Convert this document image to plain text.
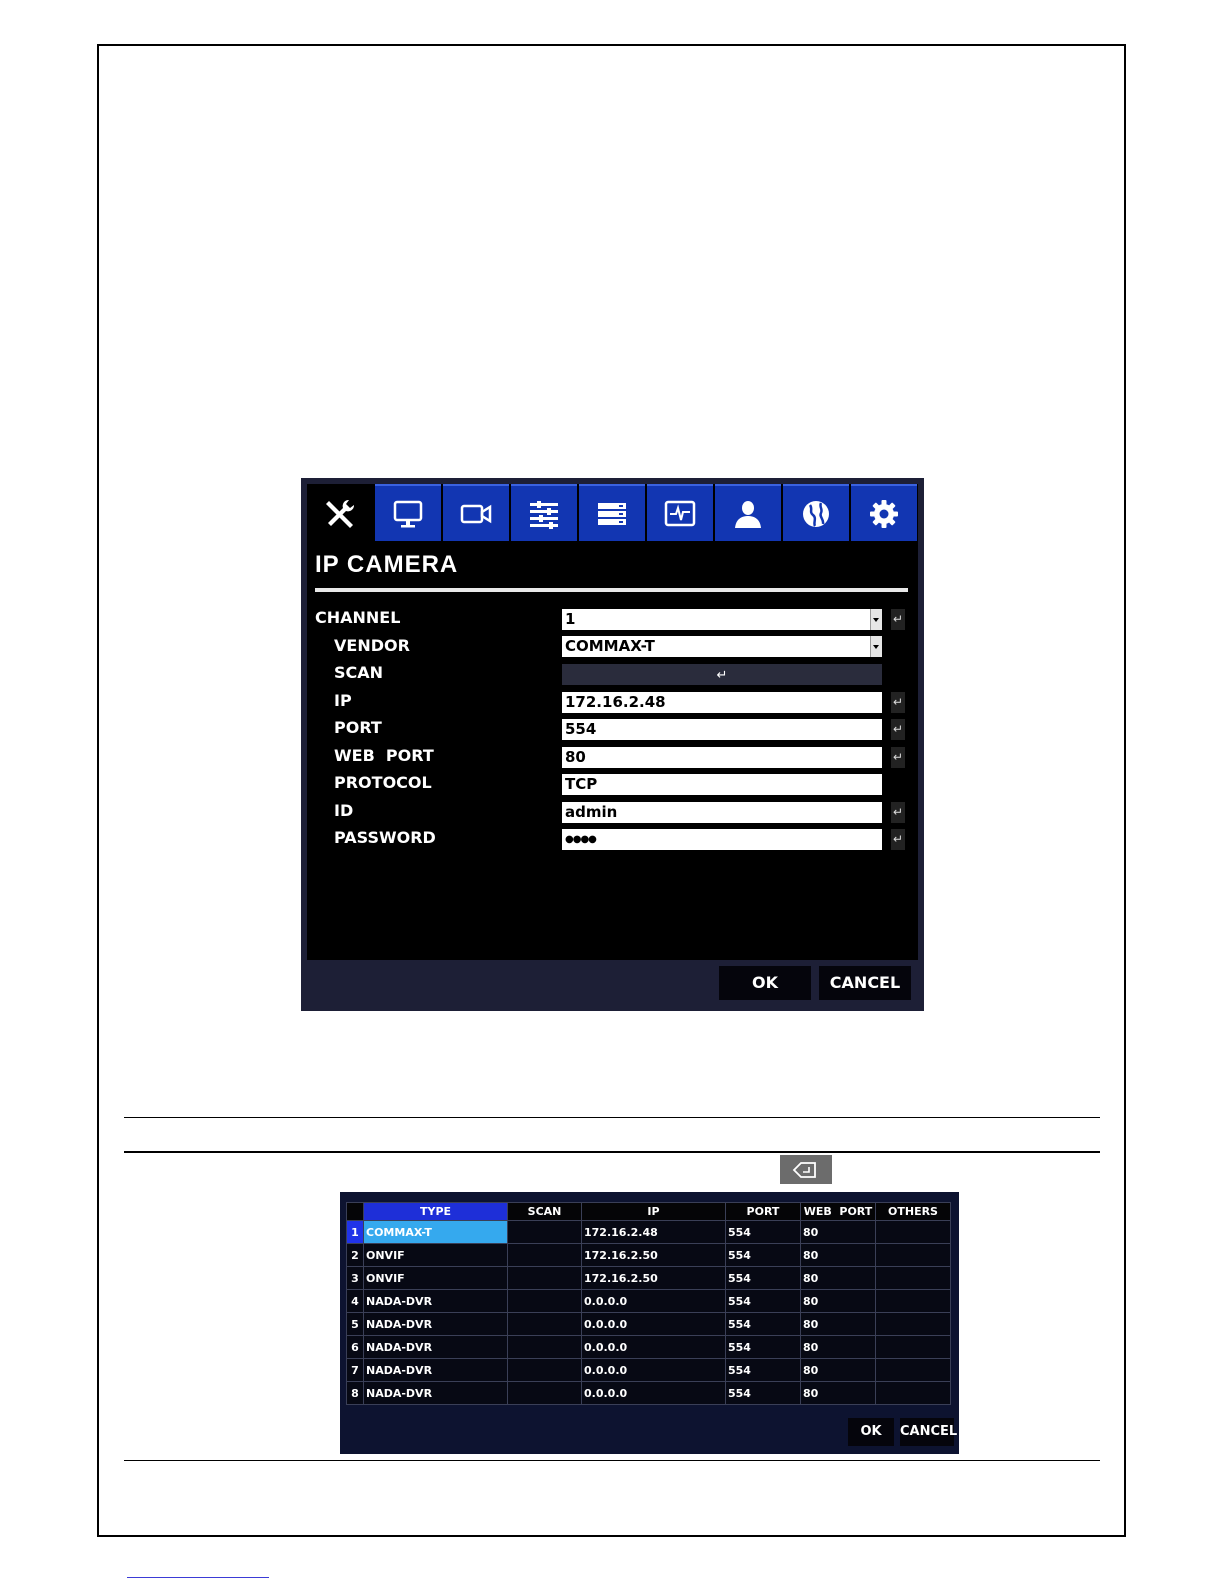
IP CAMERA
CHANNEL	1	↵
VENDOR	COMMAX-T
SCAN	↵
IP	172.16.2.48	↵
PORT	554	↵
WEB  PORT	80	↵
PROTOCOL	TCP
ID	admin	↵
PASSWORD	●●●●	↵
OK	CANCEL
	TYPE	SCAN	IP	PORT	WEB  PORT	OTHERS
1	COMMAX-T		172.16.2.48	554	80	
2	ONVIF		172.16.2.50	554	80	
3	ONVIF		172.16.2.50	554	80	
4	NADA-DVR		0.0.0.0	554	80	
5	NADA-DVR		0.0.0.0	554	80	
6	NADA-DVR		0.0.0.0	554	80	
7	NADA-DVR		0.0.0.0	554	80	
8	NADA-DVR		0.0.0.0	554	80	
OK	CANCEL
